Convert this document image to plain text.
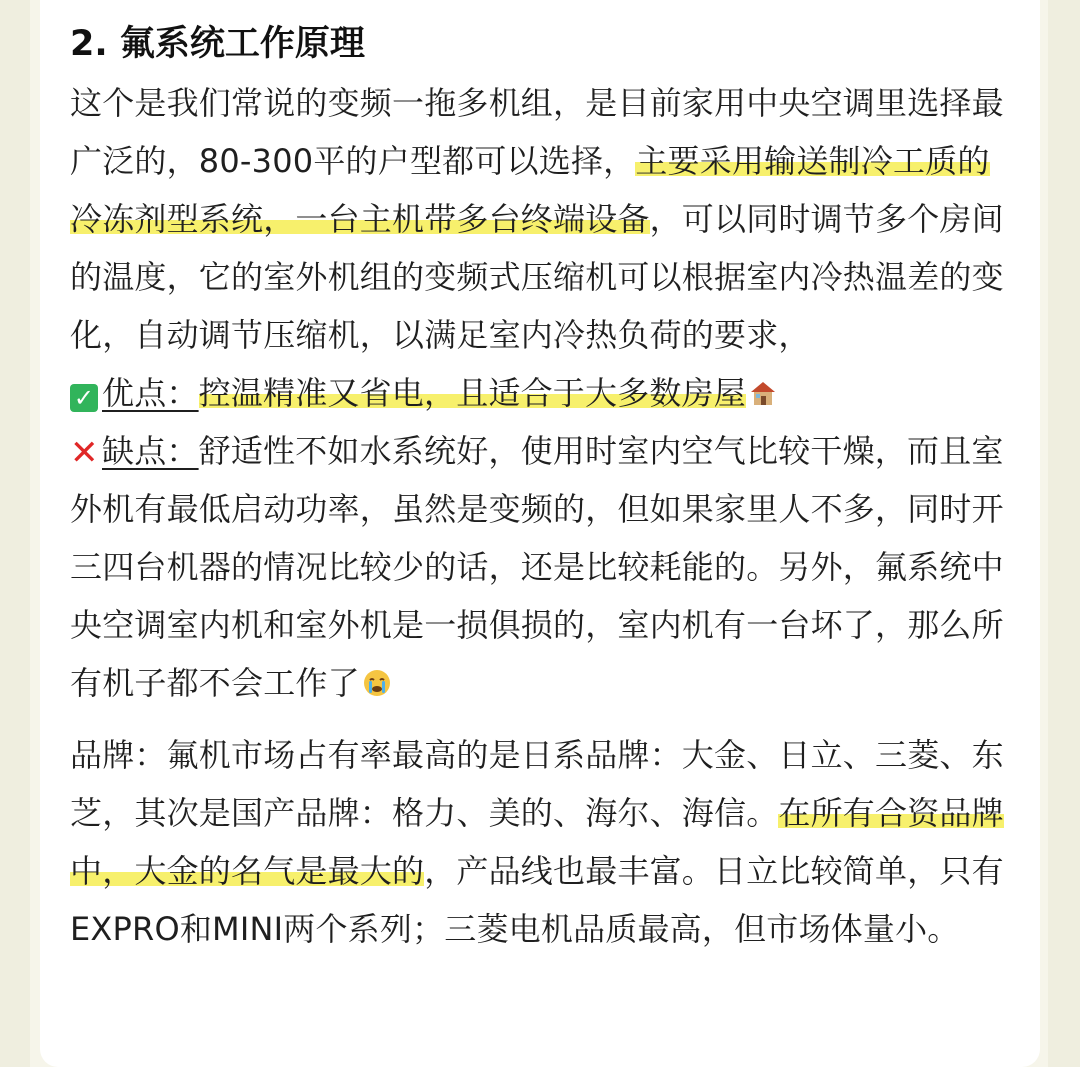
2. 氟系统工作原理

这个是我们常说的变频一拖多机组，是目前家用中央空调里选择最广泛的，80-300平的户型都可以选择，主要采用输送制冷工质的冷冻剂型系统，一台主机带多台终端设备，可以同时调节多个房间的温度，它的室外机组的变频式压缩机可以根据室内冷热温差的变化，自动调节压缩机，以满足室内冷热负荷的要求，

✓ 优点：控温精准又省电，且适合于大多数房屋

✕ 缺点：舒适性不如水系统好，使用时室内空气比较干燥，而且室外机有最低启动功率，虽然是变频的，但如果家里人不多，同时开三四台机器的情况比较少的话，还是比较耗能的。另外，氟系统中央空调室内机和室外机是一损俱损的，室内机有一台坏了，那么所有机子都不会工作了

品牌：氟机市场占有率最高的是日系品牌：大金、日立、三菱、东芝，其次是国产品牌：格力、美的、海尔、海信。在所有合资品牌中，大金的名气是最大的，产品线也最丰富。日立比较简单，只有EXPRO和MINI两个系列；三菱电机品质最高，但市场体量小。
